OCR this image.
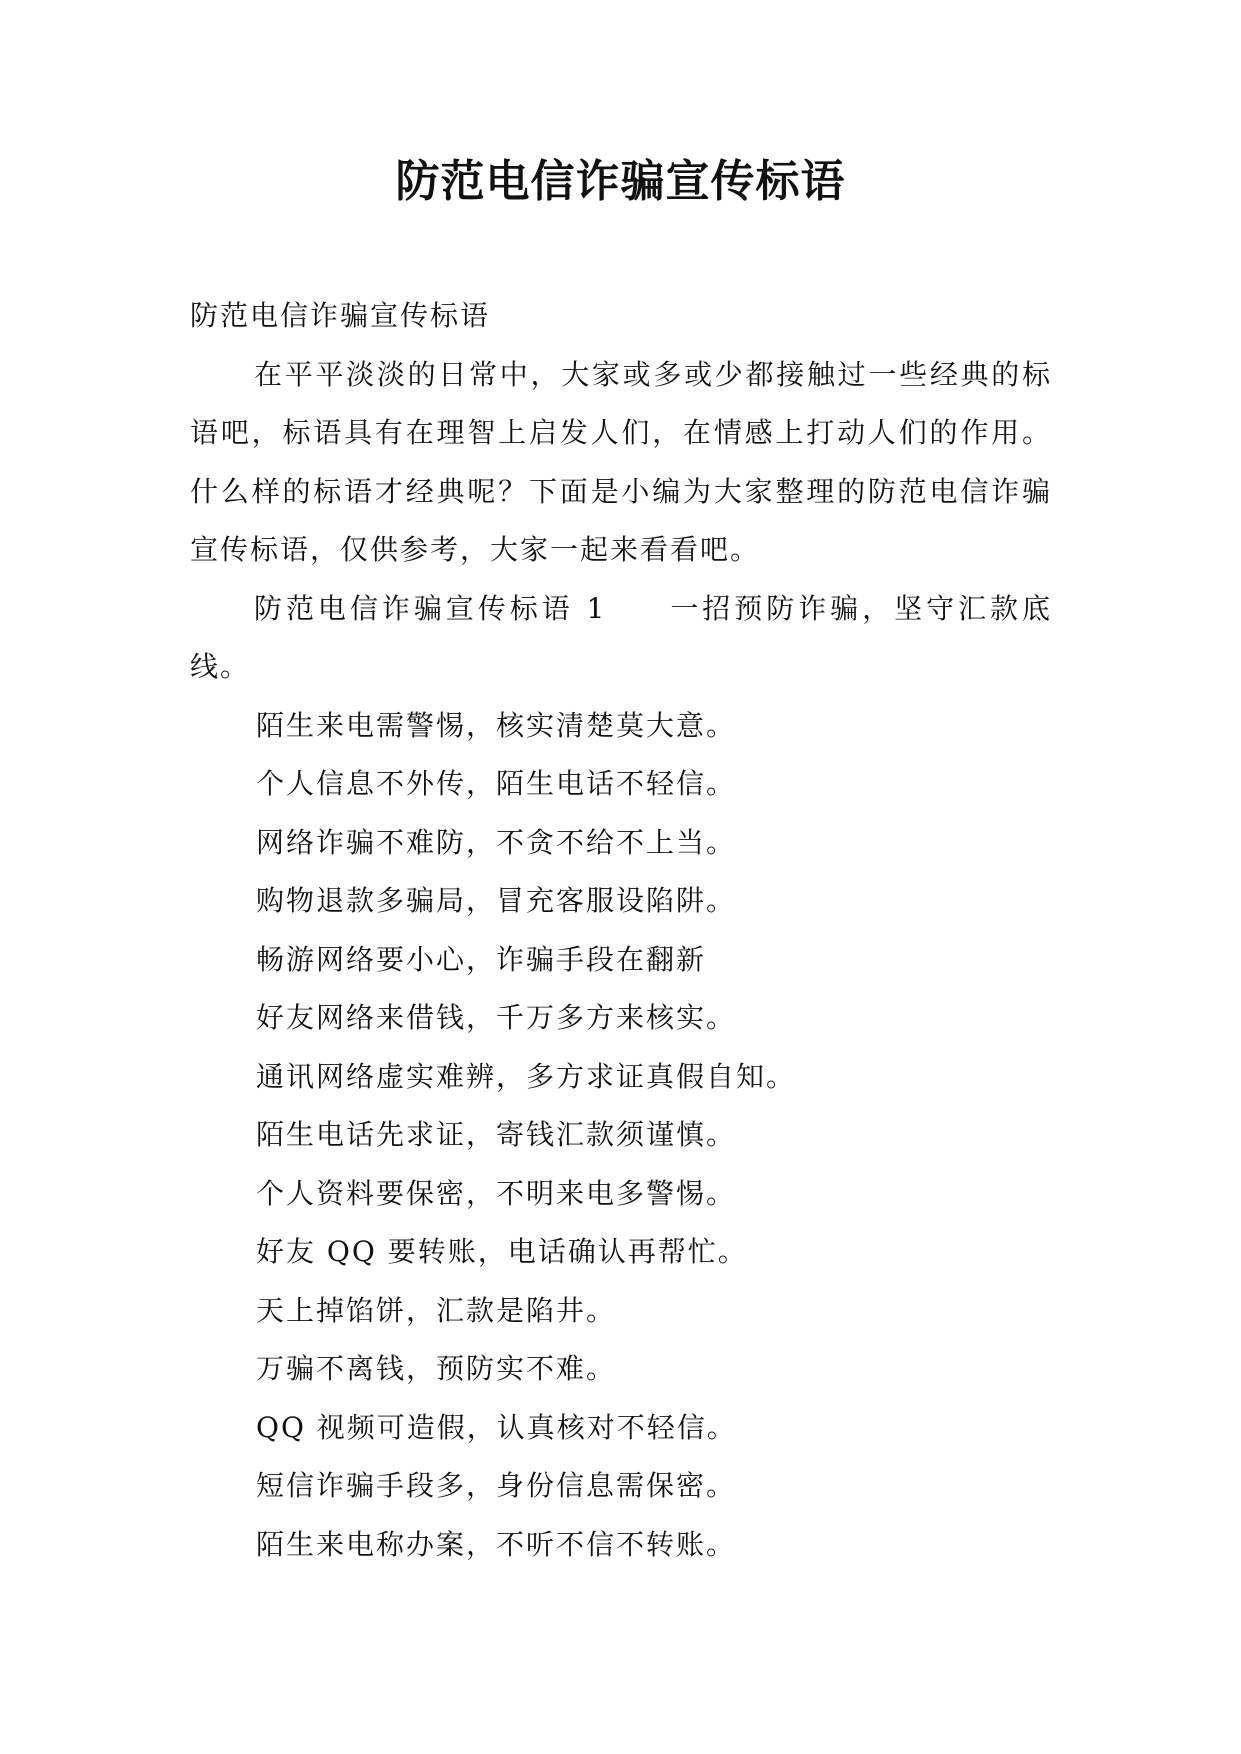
防范电信诈骗宣传标语

防范电信诈骗宣传标语

在平平淡淡的日常中，大家或多或少都接触过一些经典的标语吧，标语具有在理智上启发人们，在情感上打动人们的作用。什么样的标语才经典呢？下面是小编为大家整理的防范电信诈骗宣传标语，仅供参考，大家一起来看看吧。

防范电信诈骗宣传标语 1 一招预防诈骗，坚守汇款底线。

陌生来电需警惕，核实清楚莫大意。
个人信息不外传，陌生电话不轻信。
网络诈骗不难防，不贪不给不上当。
购物退款多骗局，冒充客服设陷阱。
畅游网络要小心，诈骗手段在翻新
好友网络来借钱，千万多方来核实。
通讯网络虚实难辨，多方求证真假自知。
陌生电话先求证，寄钱汇款须谨慎。
个人资料要保密，不明来电多警惕。
好友 QQ 要转账，电话确认再帮忙。
天上掉馅饼，汇款是陷井。
万骗不离钱，预防实不难。
QQ 视频可造假，认真核对不轻信。
短信诈骗手段多，身份信息需保密。
陌生来电称办案，不听不信不转账。
